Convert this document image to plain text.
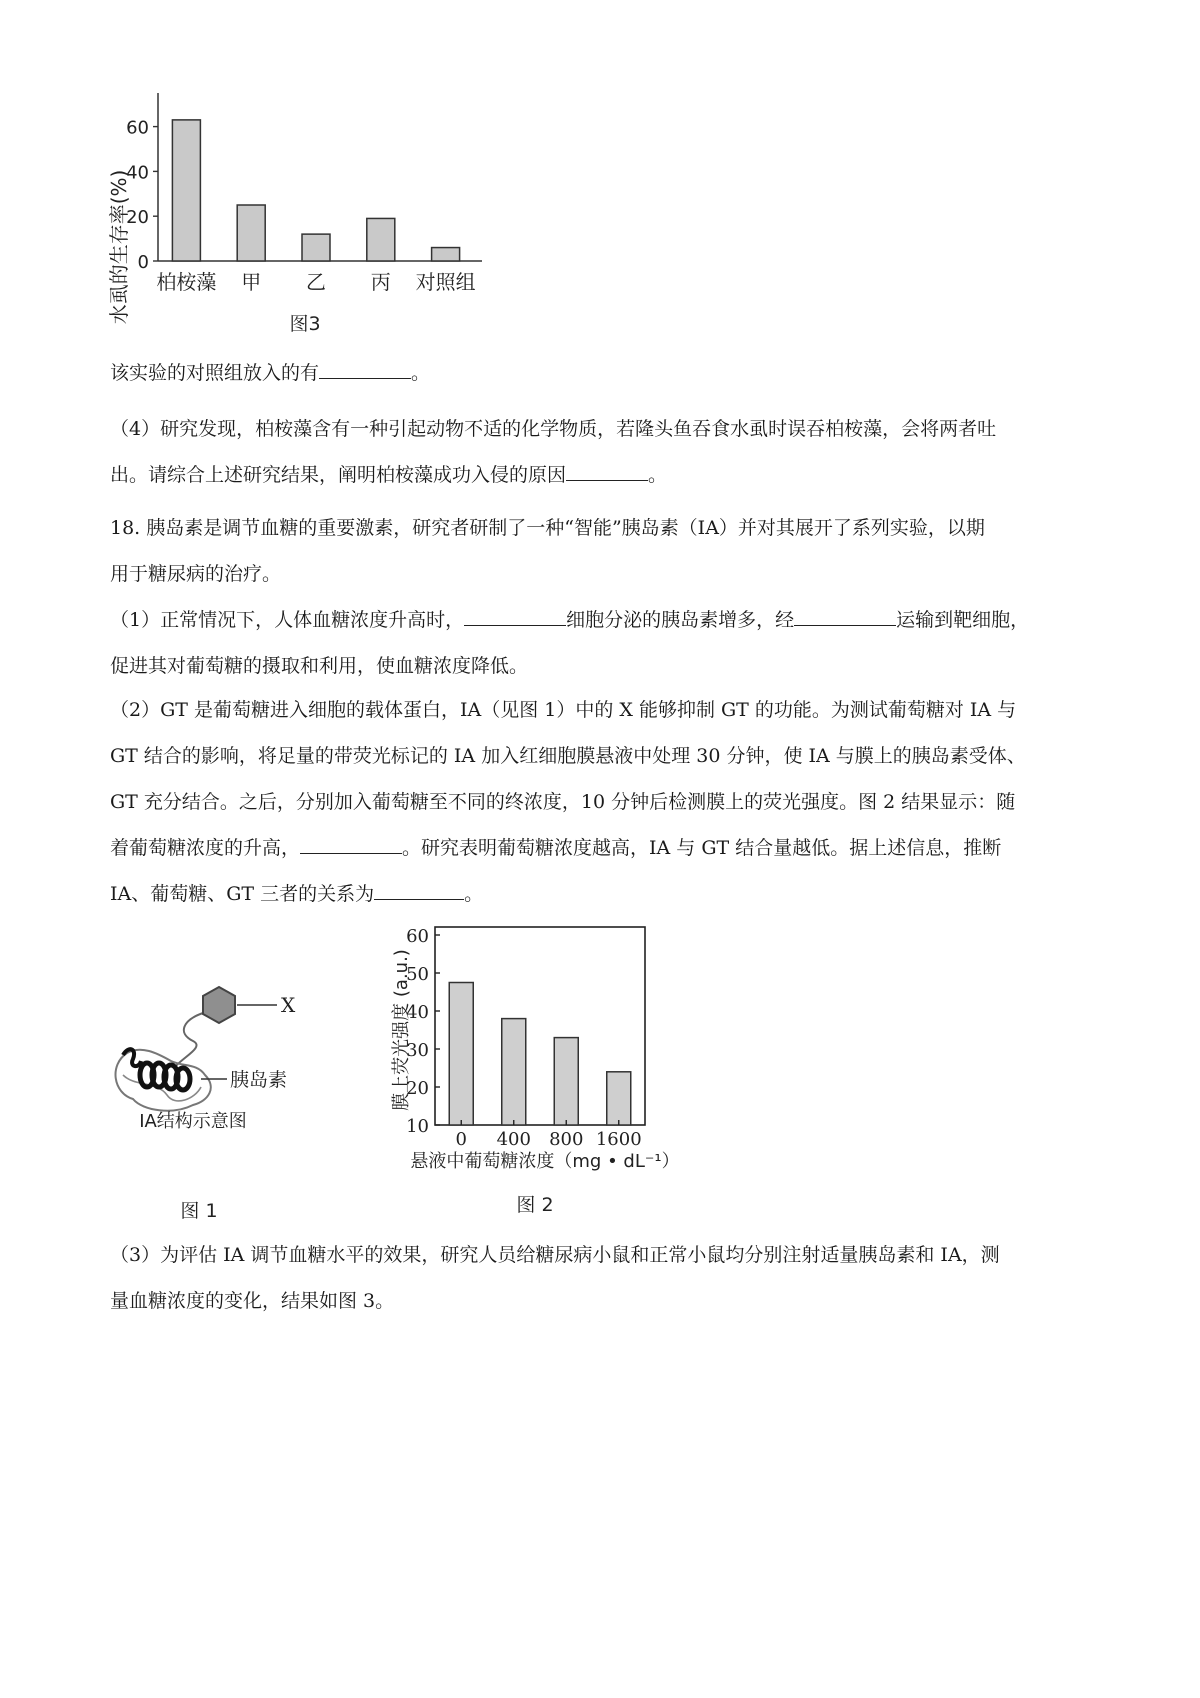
0
20
40
60
柏桉藻 甲 乙 丙 对照组
水虱的生存率(%)	图3

该实验的对照组放入的有	。

（4）研究发现，柏桉藻含有一种引起动物不适的化学物质，若隆头鱼吞食水虱时误吞柏桉藻，会将两者吐
出。请综合上述研究结果，阐明柏桉藻成功入侵的原因	。

18. 胰岛素是调节血糖的重要激素，研究者研制了一种“智能”胰岛素（IA）并对其展开了系列实验，以期
用于糖尿病的治疗。

（1）正常情况下，人体血糖浓度升高时，	细胞分泌的胰岛素增多，经	运输到靶细胞，
促进其对葡萄糖的摄取和利用，使血糖浓度降低。

（2）GT 是葡萄糖进入细胞的载体蛋白，IA（见图 1）中的 X 能够抑制 GT 的功能。为测试葡萄糖对 IA 与
GT 结合的影响，将足量的带荧光标记的 IA 加入红细胞膜悬液中处理 30 分钟，使 IA 与膜上的胰岛素受体、
GT 充分结合。之后，分别加入葡萄糖至不同的终浓度，10 分钟后检测膜上的荧光强度。图 2 结果显示：随
着葡萄糖浓度的升高，	。研究表明葡萄糖浓度越高，IA 与 GT 结合量越低。据上述信息，推断
IA、葡萄糖、GT 三者的关系为	。

X
胰岛素
IA结构示意图
图 1
膜上荧光强度 (a.u.)
10
20
30
40
50
60
0 400 800 1600
悬液中葡萄糖浓度（mg • dL⁻¹）
图 2

（3）为评估 IA 调节血糖水平的效果，研究人员给糖尿病小鼠和正常小鼠均分别注射适量胰岛素和 IA，测
量血糖浓度的变化，结果如图 3。
